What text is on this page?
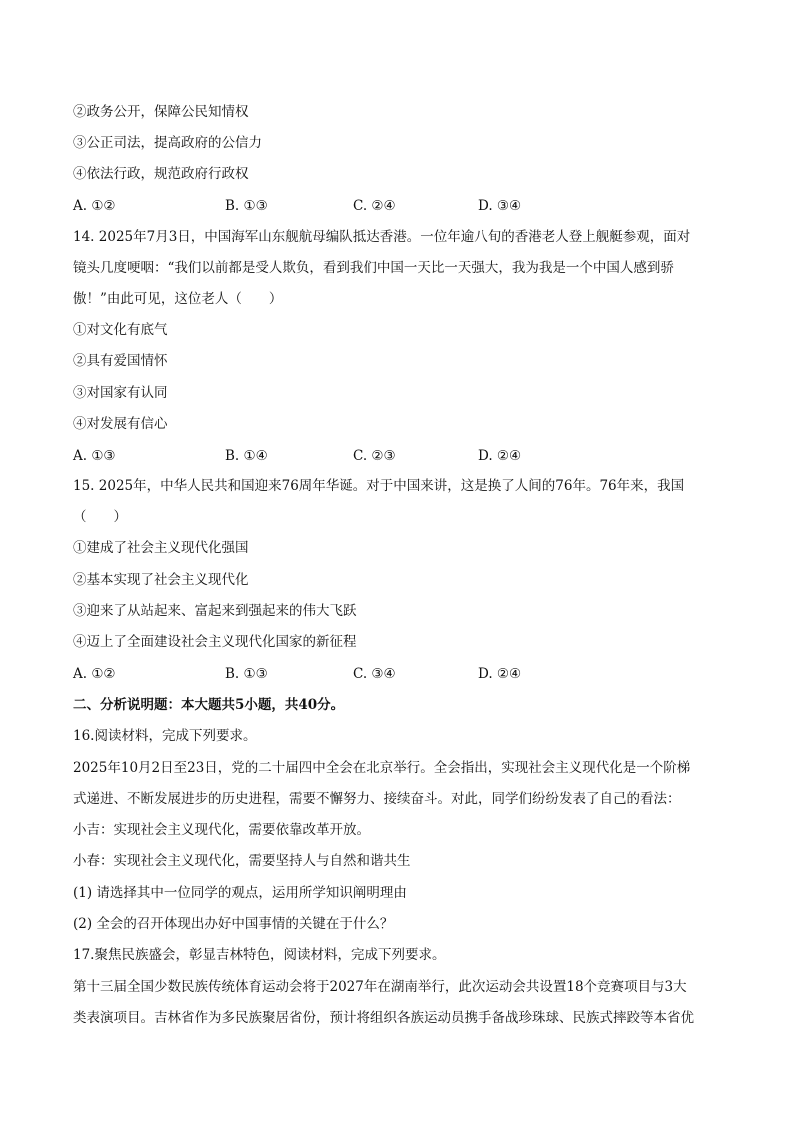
②政务公开，保障公民知情权
③公正司法，提高政府的公信力
④依法行政，规范政府行政权
A. ①②	B. ①③	C. ②④	D. ③④
14. 2025年7月3日，中国海军山东舰航母编队抵达香港。一位年逾八旬的香港老人登上舰艇参观，面对
镜头几度哽咽：“我们以前都是受人欺负，看到我们中国一天比一天强大，我为我是一个中国人感到骄
傲！”由此可见，这位老人（　　）
①对文化有底气
②具有爱国情怀
③对国家有认同
④对发展有信心
A. ①③	B. ①④	C. ②③	D. ②④
15. 2025年，中华人民共和国迎来76周年华诞。对于中国来讲，这是换了人间的76年。76年来，我国
（　　）
①建成了社会主义现代化强国
②基本实现了社会主义现代化
③迎来了从站起来、富起来到强起来的伟大飞跃
④迈上了全面建设社会主义现代化国家的新征程
A. ①②	B. ①③	C. ③④	D. ②④
二、分析说明题：本大题共5小题，共40分。
16.阅读材料，完成下列要求。
2025年10月2日至23日，党的二十届四中全会在北京举行。全会指出，实现社会主义现代化是一个阶梯
式递进、不断发展进步的历史进程，需要不懈努力、接续奋斗。对此，同学们纷纷发表了自己的看法：
小吉：实现社会主义现代化，需要依靠改革开放。
小春：实现社会主义现代化，需要坚持人与自然和谐共生
(1) 请选择其中一位同学的观点，运用所学知识阐明理由
(2) 全会的召开体现出办好中国事情的关键在于什么？
17.聚焦民族盛会，彰显吉林特色，阅读材料，完成下列要求。
第十三届全国少数民族传统体育运动会将于2027年在湖南举行，此次运动会共设置18个竞赛项目与3大
类表演项目。吉林省作为多民族聚居省份，预计将组织各族运动员携手备战珍珠球、民族式摔跤等本省优
